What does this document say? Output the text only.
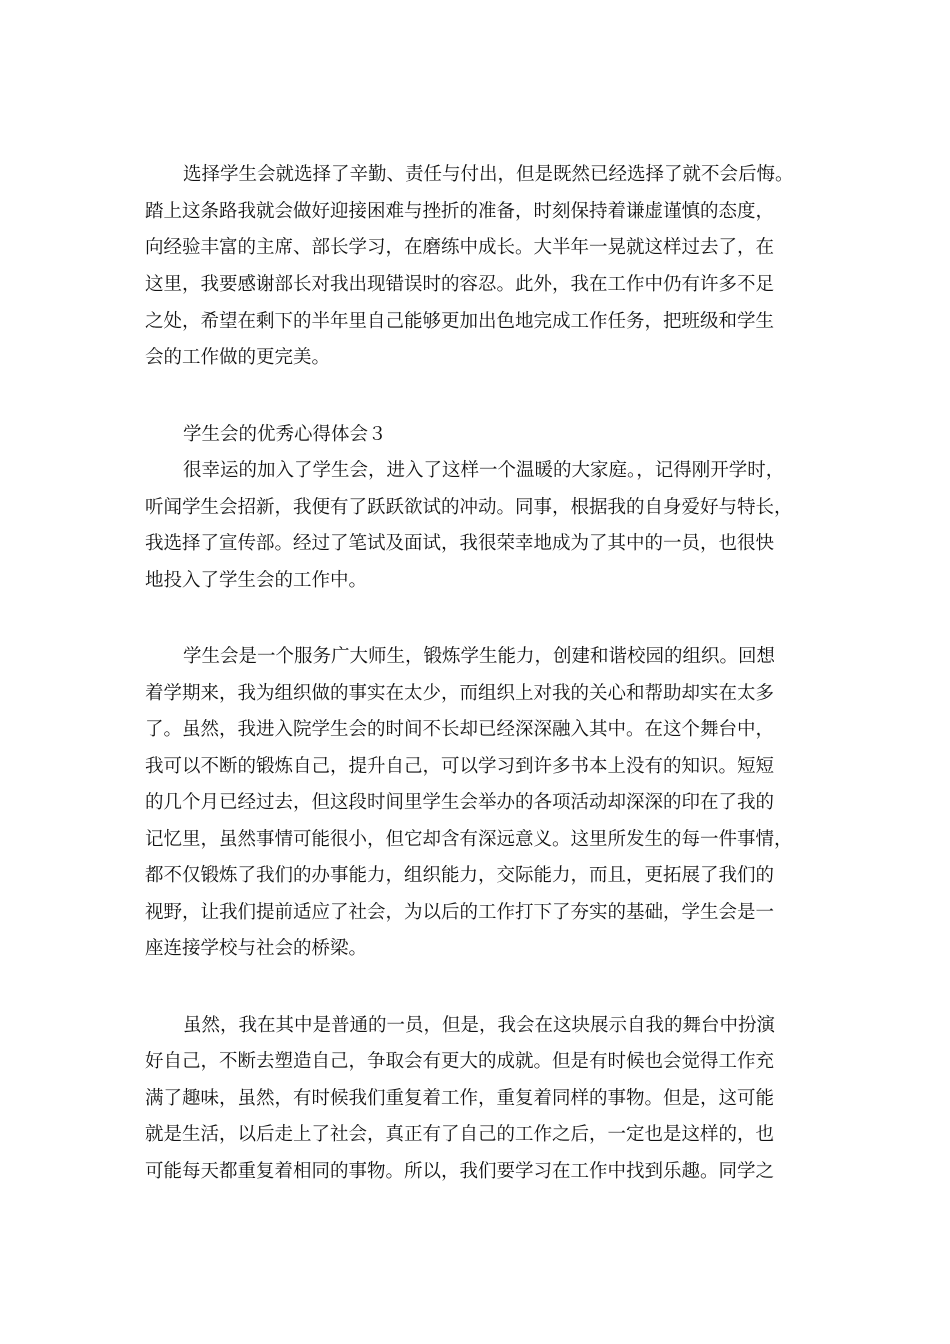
选择学生会就选择了辛勤、责任与付出，但是既然已经选择了就不会后悔。

踏上这条路我就会做好迎接困难与挫折的准备，时刻保持着谦虚谨慎的态度，

向经验丰富的主席、部长学习，在磨练中成长。大半年一晃就这样过去了，在

这里，我要感谢部长对我出现错误时的容忍。此外，我在工作中仍有许多不足

之处，希望在剩下的半年里自己能够更加出色地完成工作任务，把班级和学生

会的工作做的更完美。

学生会的优秀心得体会３

很幸运的加入了学生会，进入了这样一个温暖的大家庭。，记得刚开学时，

听闻学生会招新，我便有了跃跃欲试的冲动。同事，根据我的自身爱好与特长，

我选择了宣传部。经过了笔试及面试，我很荣幸地成为了其中的一员，也很快

地投入了学生会的工作中。

学生会是一个服务广大师生，锻炼学生能力，创建和谐校园的组织。回想

着学期来，我为组织做的事实在太少，而组织上对我的关心和帮助却实在太多

了。虽然，我进入院学生会的时间不长却已经深深融入其中。在这个舞台中，

我可以不断的锻炼自己，提升自己，可以学习到许多书本上没有的知识。短短

的几个月已经过去，但这段时间里学生会举办的各项活动却深深的印在了我的

记忆里，虽然事情可能很小，但它却含有深远意义。这里所发生的每一件事情，

都不仅锻炼了我们的办事能力，组织能力，交际能力，而且，更拓展了我们的

视野，让我们提前适应了社会，为以后的工作打下了夯实的基础，学生会是一

座连接学校与社会的桥梁。

虽然，我在其中是普通的一员，但是，我会在这块展示自我的舞台中扮演

好自己，不断去塑造自己，争取会有更大的成就。但是有时候也会觉得工作充

满了趣味，虽然，有时候我们重复着工作，重复着同样的事物。但是，这可能

就是生活，以后走上了社会，真正有了自己的工作之后，一定也是这样的，也

可能每天都重复着相同的事物。所以，我们要学习在工作中找到乐趣。同学之
